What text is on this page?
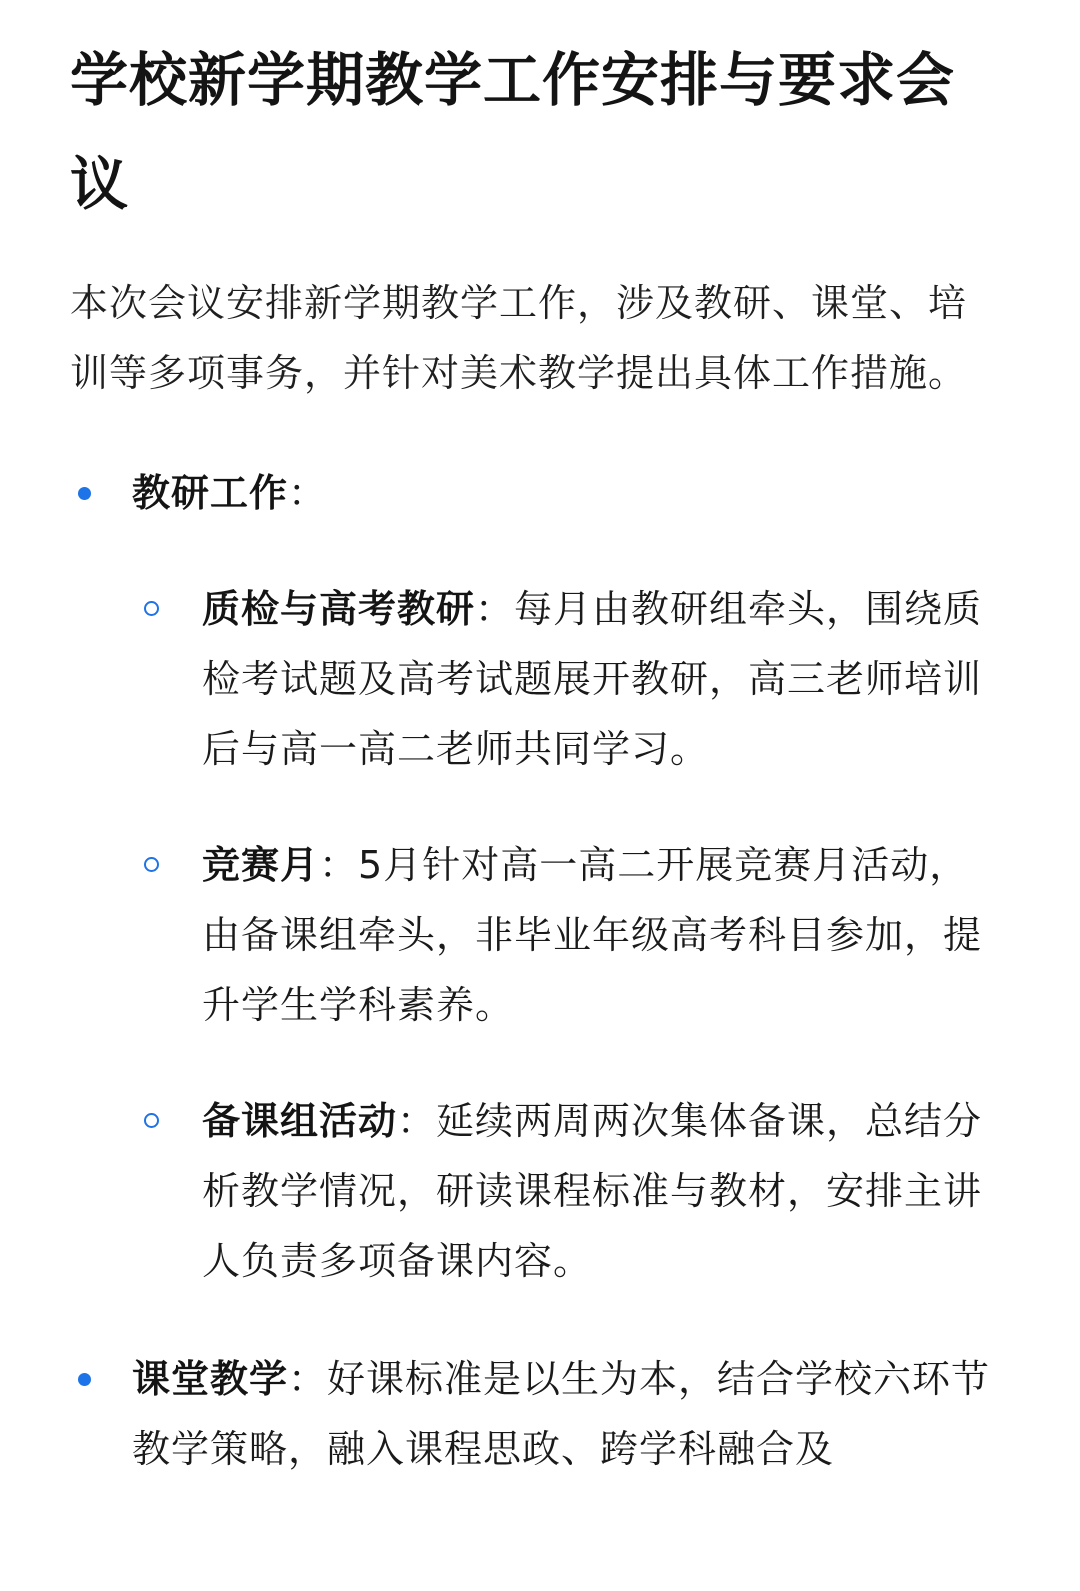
学校新学期教学工作安排与要求会议

本次会议安排新学期教学工作，涉及教研、课堂、培训等多项事务，并针对美术教学提出具体工作措施。

教研工作：
质检与高考教研：每月由教研组牵头，围绕质检考试题及高考试题展开教研，高三老师培训后与高一高二老师共同学习。
竞赛月：5月针对高一高二开展竞赛月活动，由备课组牵头，非毕业年级高考科目参加，提升学生学科素养。
备课组活动：延续两周两次集体备课，总结分析教学情况，研读课程标准与教材，安排主讲人负责多项备课内容。
课堂教学：好课标准是以生为本，结合学校六环节教学策略，融入课程思政、跨学科融合及
